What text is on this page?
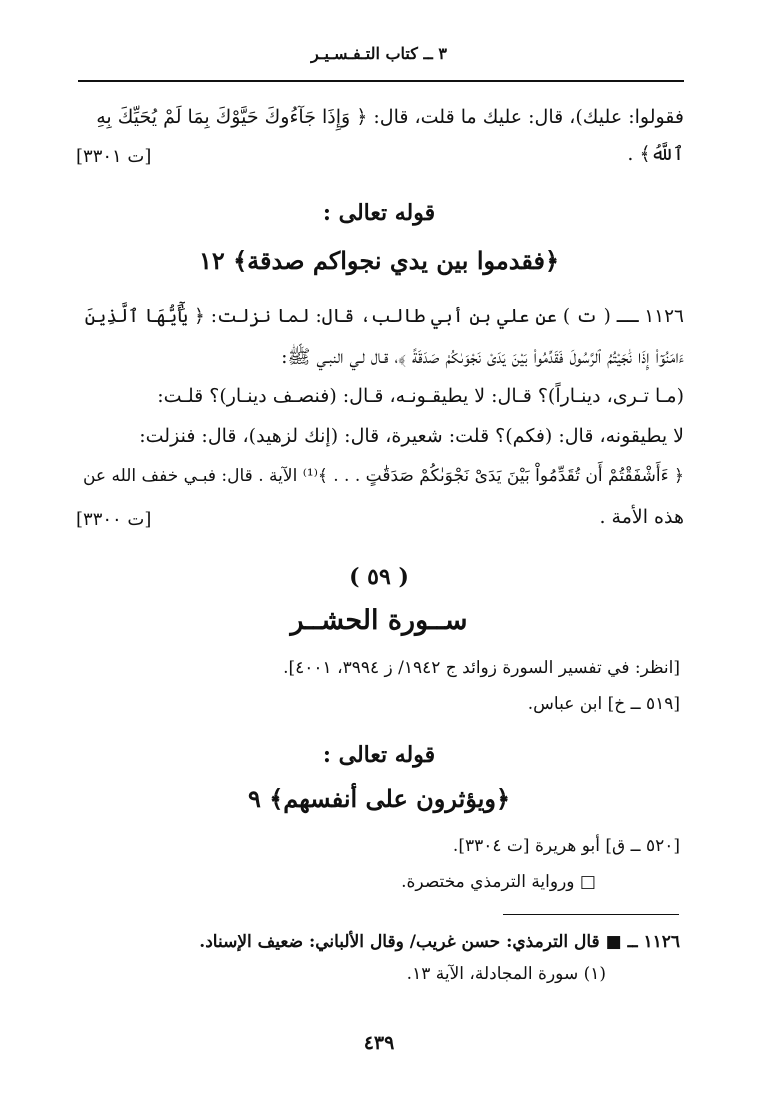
٣ ــ كتاب التـفـسـيـر
فقولوا: عليك)، قال: عليك ما قلت، قال: ﴿ وَإِذَا جَآءُوكَ حَيَّوْكَ بِمَا لَمْ يُحَيِّكَ بِهِ
ٱللَّهُ﴾ .
[ت ٣٣٠١]
قوله تعالى :
﴿فقدموا بين يدي نجواكم صدقة﴾ ١٢
١١٢٦ ــ ( ت ) عن علي بن أبي طالب، قال: لما نزلت: ﴿ يَٰٓأَيُّهَا ٱلَّذِينَ
ءَامَنُوٓاْ إِذَا نَٰجَيْتُمُ ٱلرَّسُولَ فَقَدِّمُواْ بَيْنَ يَدَىْ نَجْوَىٰكُمْ صَدَقَةً ﴾، قـال لـي النبـي ﷺ:
(مـا تـرى، دينـاراً)؟ قـال: لا يطيقـونـه، قـال: (فنصـف دينـار)؟ قلـت:
لا يطيقونه، قال: (فكم)؟ قلت: شعيرة، قال: (إنك لزهيد)، قال: فنزلت:
﴿ ءَأَشْفَقْتُمْ أَن تُقَدِّمُواْ بَيْنَ يَدَىْ نَجْوَىٰكُمْ صَدَقَٰتٍ . . . ﴾⁽¹⁾ الآية . قال: فبـي خفف الله عن
هذه الأمة .
[ت ٣٣٠٠]
( ٥٩ )
ســورة الحشــر
[انظر: في تفسير السورة زوائد ج ١٩٤٢/ ز ٣٩٩٤، ٤٠٠١].
[٥١٩ ــ خ] ابن عباس.
قوله تعالى :
﴿ويؤثرون على أنفسهم﴾ ٩
[٥٢٠ ــ ق] أبو هريرة [ت ٣٣٠٤].
□ ورواية الترمذي مختصرة.
١١٢٦ ــ ■ قال الترمذي: حسن غريب/ وقال الألباني: ضعيف الإسناد.
(١) سورة المجادلة، الآية ١٣.
٤٣٩
